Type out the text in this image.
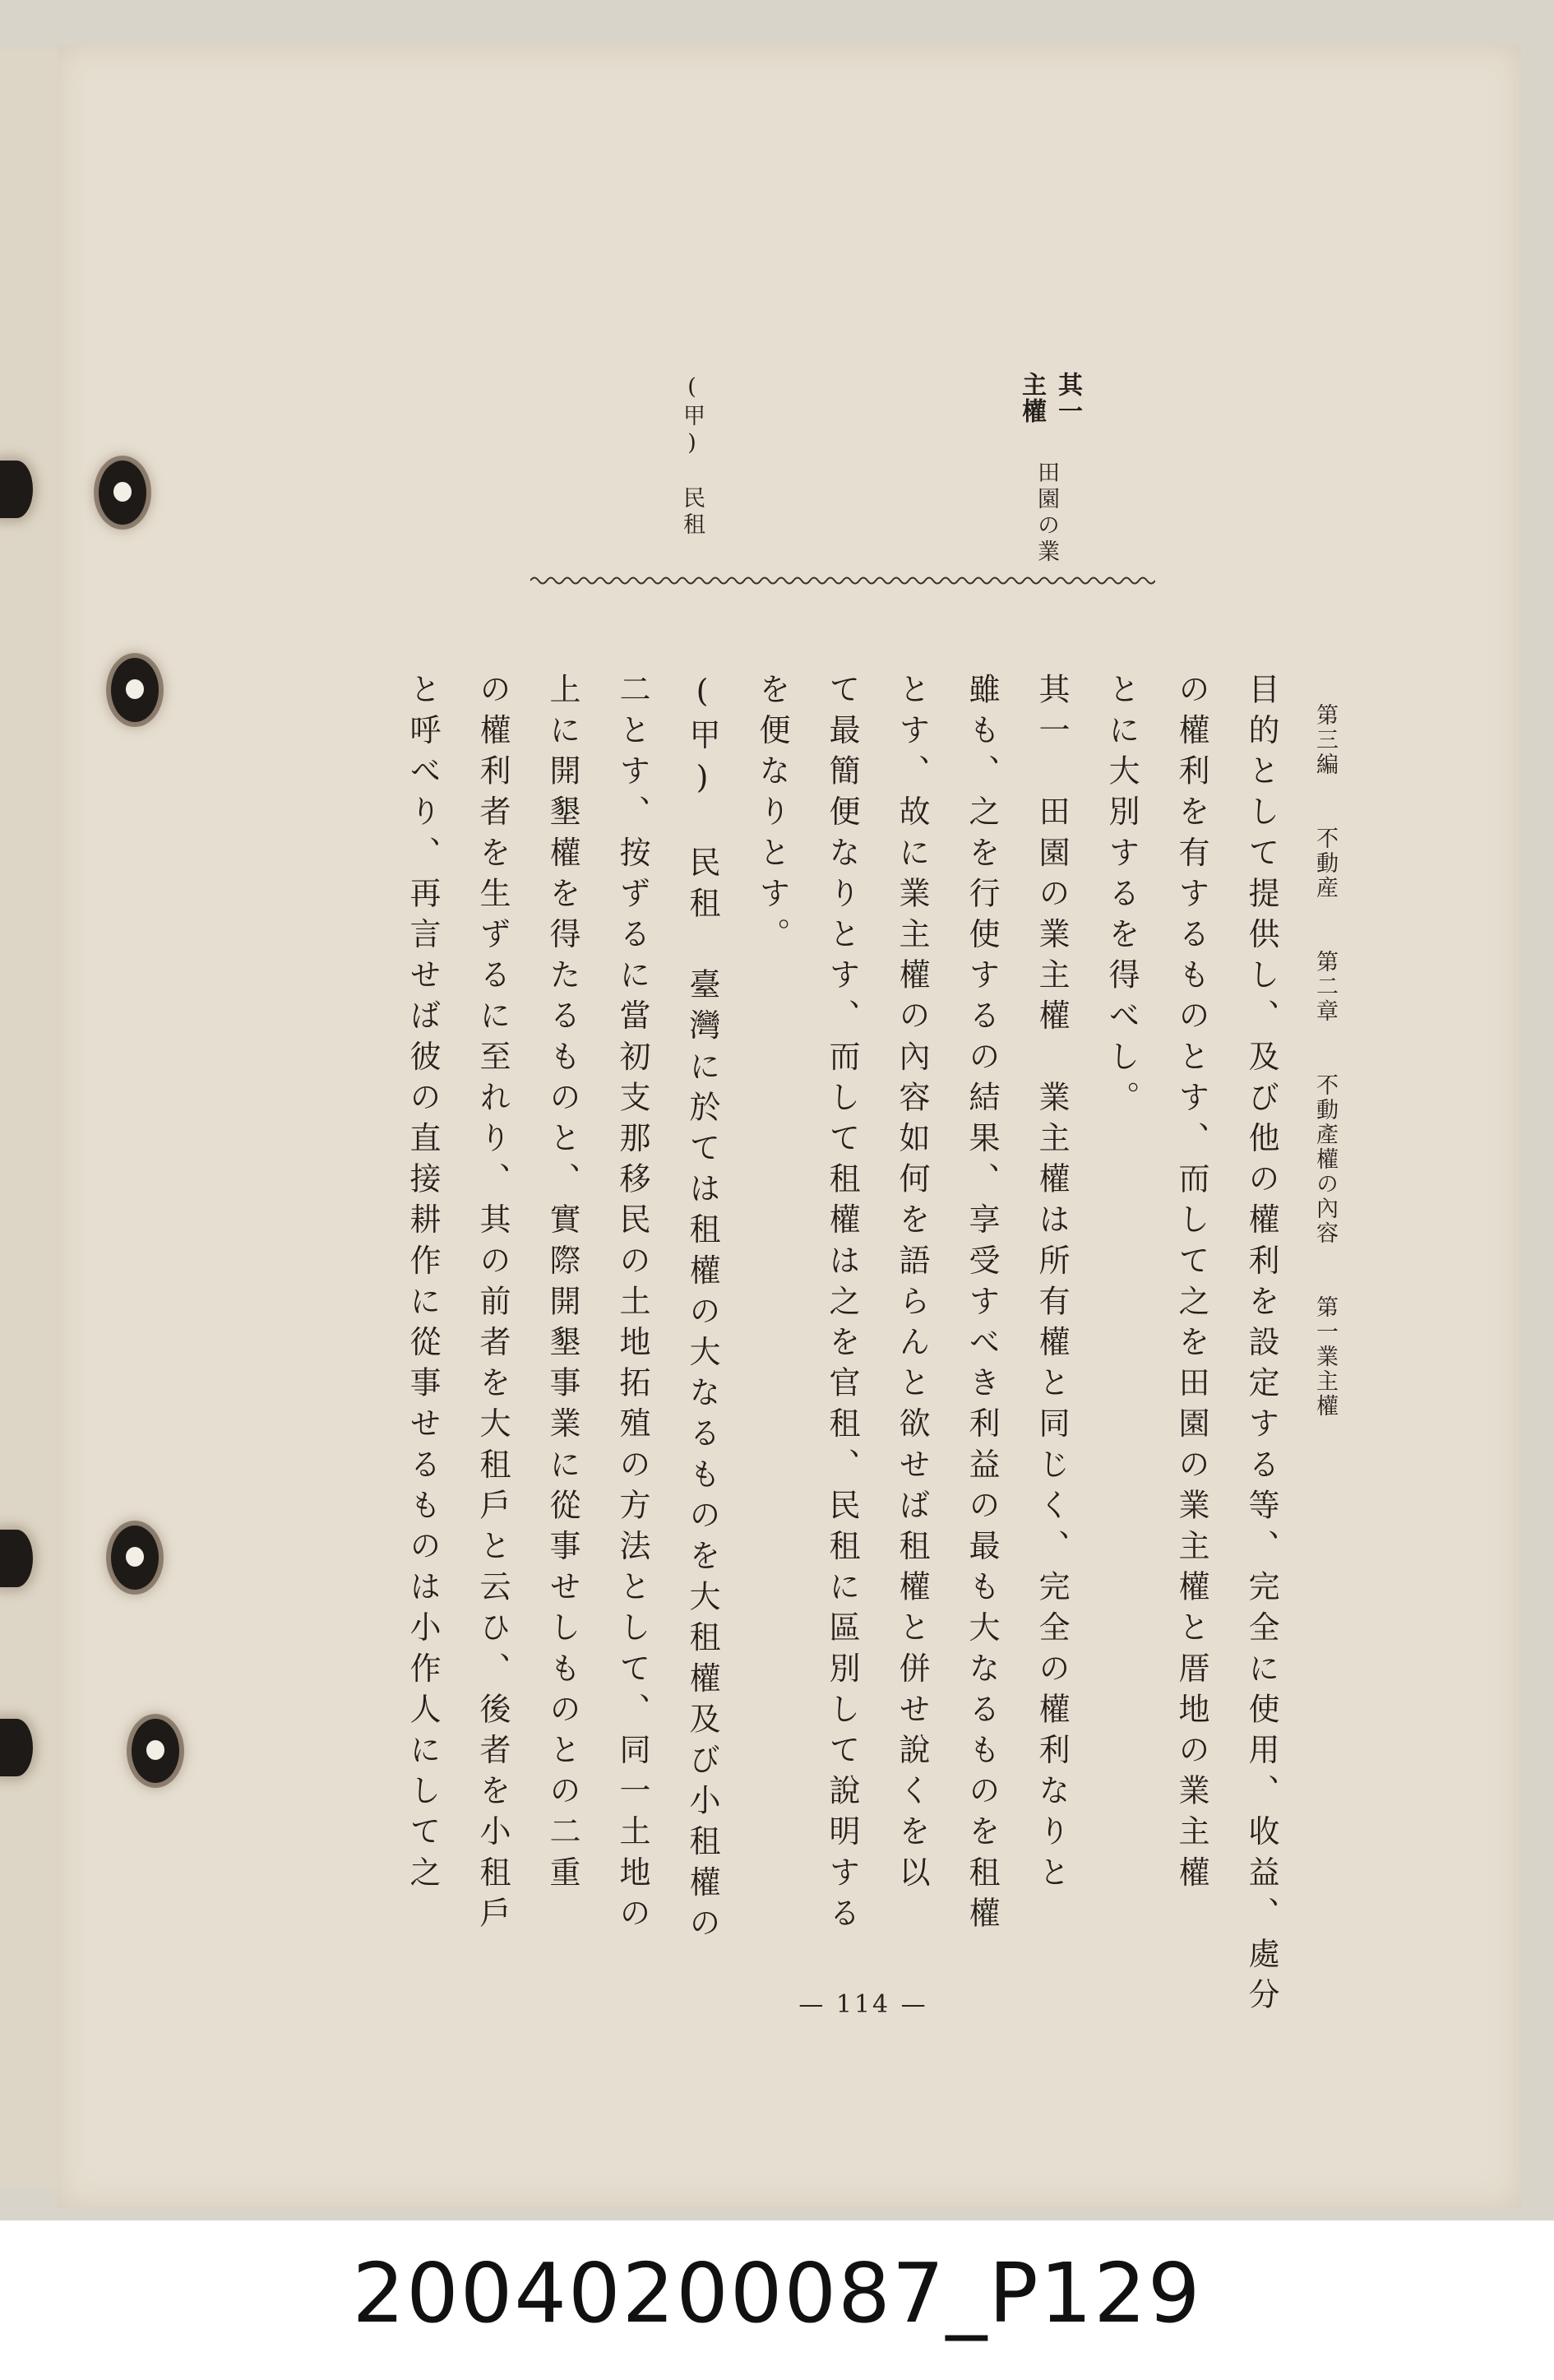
第三編 不動産 第二章 不動產權の內容 第一業主權
其一
主權
田園の業
(甲)　民租
目的として提供し、及び他の權利を設定する等、完全に使用、收益、處分
の權利を有するものとす、而して之を田園の業主權と厝地の業主權
とに大別するを得べし。
其一　田園の業主權　業主權は所有權と同じく、完全の權利なりと
雖も、之を行使するの結果、享受すべき利益の最も大なるものを租權
とす、故に業主權の內容如何を語らんと欲せば租權と併せ說くを以
て最簡便なりとす、而して租權は之を官租、民租に區別して說明する
を便なりとす。
(甲)　民租　臺灣に於ては租權の大なるものを大租權及び小租權の
二とす、按ずるに當初支那移民の土地拓殖の方法として、同一土地の
上に開墾權を得たるものと、實際開墾事業に從事せしものとの二重
の權利者を生ずるに至れり、其の前者を大租戶と云ひ、後者を小租戶
と呼べり、再言せば彼の直接耕作に從事せるものは小作人にして之
— 114 —
20040200087_P129
